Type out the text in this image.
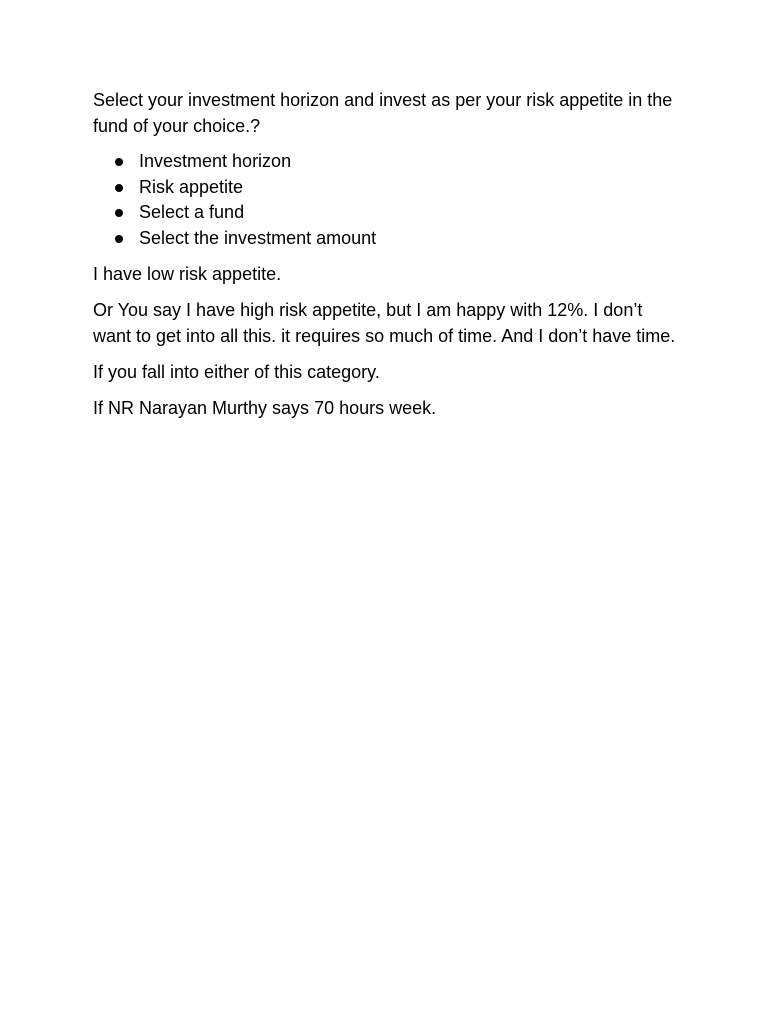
Select your investment horizon and invest as per your risk appetite in the fund of your choice.?

Investment horizon
Risk appetite
Select a fund
Select the investment amount

I have low risk appetite.

Or You say I have high risk appetite, but I am happy with 12%. I don’t want to get into all this. it requires so much of time. And I don’t have time.

If you fall into either of this category.

If NR Narayan Murthy says 70 hours week.
